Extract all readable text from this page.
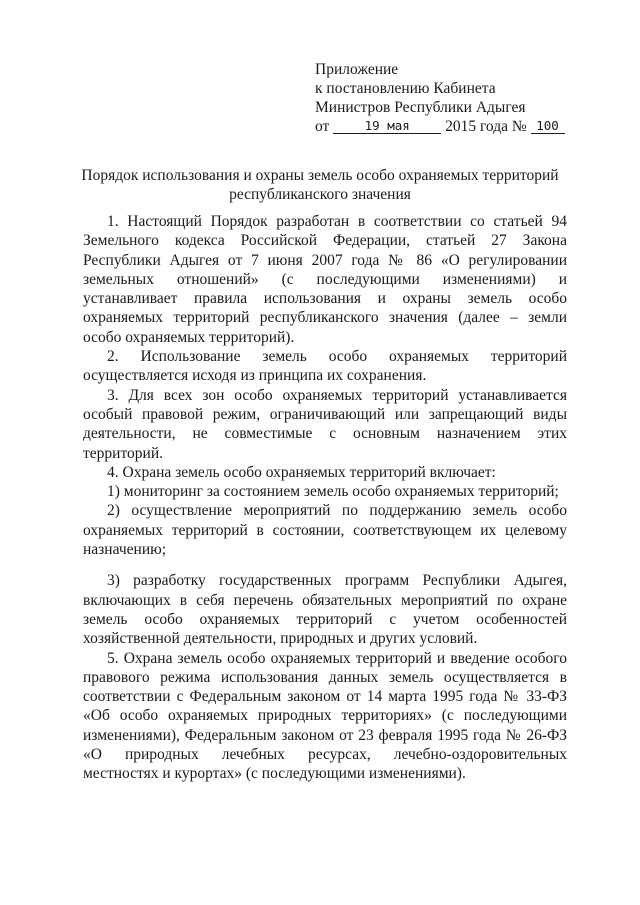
Приложение
к постановлению Кабинета
Министров Республики Адыгея
от	19 мая 2015 года № 100
Порядок использования и охраны земель особо охраняемых территорий
республиканского значения

1. Настоящий Порядок разработан в соответствии со статьей 94 Земельного кодекса Российской Федерации, статьей 27 Закона Республики Адыгея от 7 июня 2007 года № 86 «О регулировании земельных отношений» (с последующими изменениями) и устанавливает правила использования и охраны земель особо охраняемых территорий республиканского значения (далее – земли особо охраняемых территорий).

2. Использование земель особо охраняемых территорий осуществляется исходя из принципа их сохранения.

3. Для всех зон особо охраняемых территорий устанавливается особый правовой режим, ограничивающий или запрещающий виды деятельности, не совместимые с основным назначением этих территорий.

4. Охрана земель особо охраняемых территорий включает:

1) мониторинг за состоянием земель особо охраняемых территорий;

2) осуществление мероприятий по поддержанию земель особо охраняемых территорий в состоянии, соответствующем их целевому назначению;

3) разработку государственных программ Республики Адыгея, включающих в себя перечень обязательных мероприятий по охране земель особо охраняемых территорий с учетом особенностей хозяйственной деятельности, природных и других условий.

5. Охрана земель особо охраняемых территорий и введение особого правового режима использования данных земель осуществляется в соответствии с Федеральным законом от 14 марта 1995 года № 33-ФЗ «Об особо охраняемых природных территориях» (с последующими изменениями), Федеральным законом от 23 февраля 1995 года № 26-ФЗ «О природных лечебных ресурсах, лечебно-оздоровительных местностях и курортах» (с последующими изменениями).
